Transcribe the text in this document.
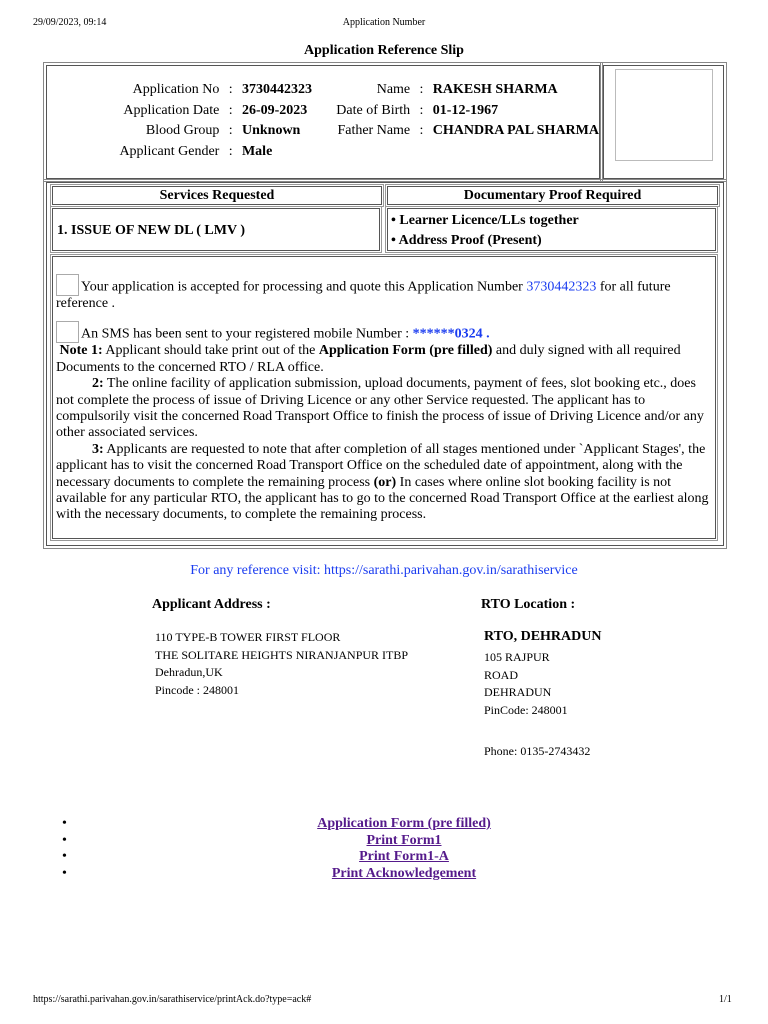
29/09/2023, 09:14	Application Number
Application Reference Slip
Application No	:	3730442323	Name	:	RAKESH SHARMA
Application Date	:	26-09-2023	Date of Birth	:	01-12-1967
Blood Group	:	Unknown	Father Name	:	CHANDRA PAL SHARMA
Applicant Gender	:	Male			
Services Requested	Documentary Proof Required
1. ISSUE OF NEW DL ( LMV )
• Learner Licence/LLs together
• Address Proof (Present)
Your application is accepted for processing and quote this Application Number 3730442323 for all future reference .
An SMS has been sent to your registered mobile Number : ******0324 .
Note 1: Applicant should take print out of the Application Form (pre filled) and duly signed with all required Documents to the concerned RTO / RLA office.
2: The online facility of application submission, upload documents, payment of fees, slot booking etc., does not complete the process of issue of Driving Licence or any other Service requested. The applicant has to compulsorily visit the concerned Road Transport Office to finish the process of issue of Driving Licence and/or any other associated services.
3: Applicants are requested to note that after completion of all stages mentioned under `Applicant Stages', the applicant has to visit the concerned Road Transport Office on the scheduled date of appointment, along with the necessary documents to complete the remaining process (or) In cases where online slot booking facility is not available for any particular RTO, the applicant has to go to the concerned Road Transport Office at the earliest along with the necessary documents, to complete the remaining process.
For any reference visit: https://sarathi.parivahan.gov.in/sarathiservice
Applicant Address :	RTO Location :
110 TYPE-B TOWER FIRST FLOOR
THE SOLITARE HEIGHTS NIRANJANPUR ITBP
Dehradun,UK
Pincode : 248001
RTO, DEHRADUN
105 RAJPUR
ROAD
DEHRADUN
PinCode: 248001
Phone: 0135-2743432
• Application Form (pre filled)
• Print Form1
• Print Form1-A
• Print Acknowledgement
https://sarathi.parivahan.gov.in/sarathiservice/printAck.do?type=ack#	1/1
